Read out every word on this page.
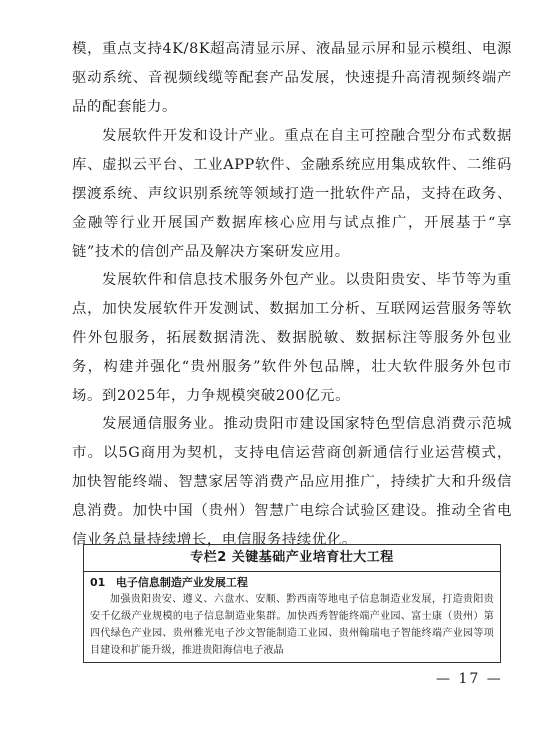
模，重点支持4K/8K超高清显示屏、液晶显示屏和显示模组、电源驱动系统、音视频线缆等配套产品发展，快速提升高清视频终端产品的配套能力。

发展软件开发和设计产业。重点在自主可控融合型分布式数据库、虚拟云平台、工业APP软件、金融系统应用集成软件、二维码摆渡系统、声纹识别系统等领域打造一批软件产品，支持在政务、金融等行业开展国产数据库核心应用与试点推广，开展基于“享链”技术的信创产品及解决方案研发应用。

发展软件和信息技术服务外包产业。以贵阳贵安、毕节等为重点，加快发展软件开发测试、数据加工分析、互联网运营服务等软件外包服务，拓展数据清洗、数据脱敏、数据标注等服务外包业务，构建并强化“贵州服务”软件外包品牌，壮大软件服务外包市场。到2025年，力争规模突破200亿元。

发展通信服务业。推动贵阳市建设国家特色型信息消费示范城市。以5G商用为契机，支持电信运营商创新通信行业运营模式，加快智能终端、智慧家居等消费产品应用推广，持续扩大和升级信息消费。加快中国（贵州）智慧广电综合试验区建设。推动全省电信业务总量持续增长，电信服务持续优化。

专栏2 关键基础产业培育壮大工程
01 电子信息制造产业发展工程
加强贵阳贵安、遵义、六盘水、安顺、黔西南等地电子信息制造业发展，打造贵阳贵安千亿级产业规模的电子信息制造业集群。加快西秀智能终端产业园、富士康（贵州）第四代绿色产业园、贵州雅光电子沙文智能制造工业园、贵州翰瑞电子智能终端产业园等项目建设和扩能升级，推进贵阳海信电子液晶
— 17 —
